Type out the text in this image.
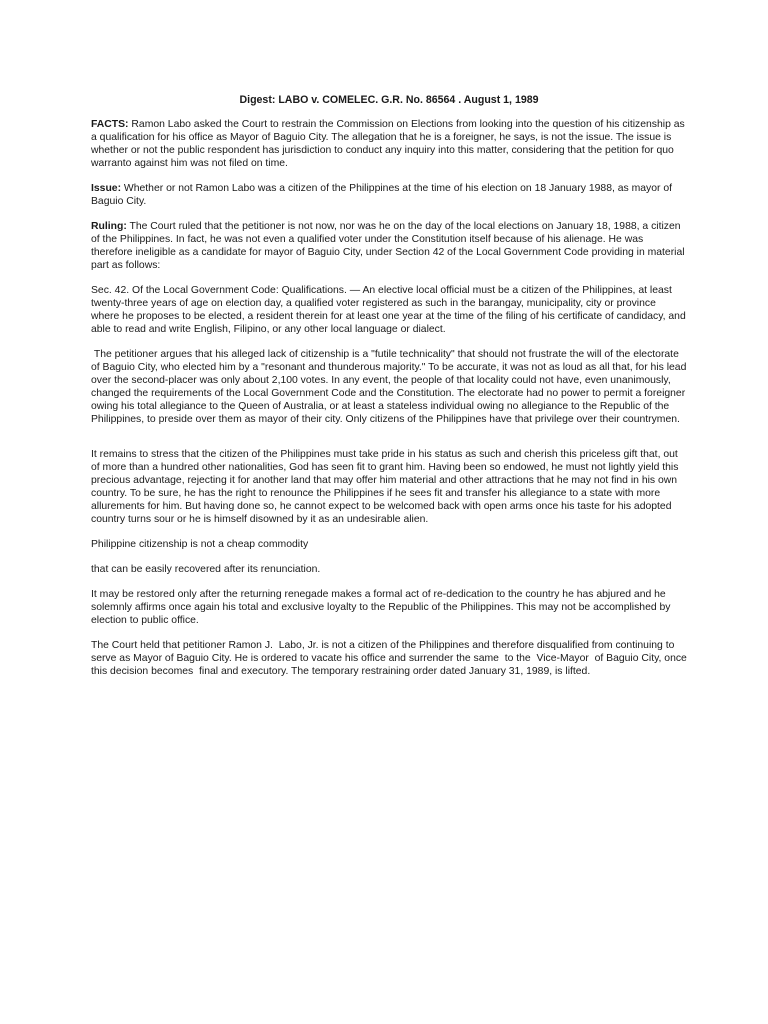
Digest: LABO v. COMELEC. G.R. No. 86564 . August 1, 1989

FACTS: Ramon Labo asked the Court to restrain the Commission on Elections from looking into the question of his citizenship as a qualification for his office as Mayor of Baguio City. The allegation that he is a foreigner, he says, is not the issue. The issue is whether or not the public respondent has jurisdiction to conduct any inquiry into this matter, considering that the petition for quo warranto against him was not filed on time.

Issue: Whether or not Ramon Labo was a citizen of the Philippines at the time of his election on 18 January 1988, as mayor of Baguio City.

Ruling: The Court ruled that the petitioner is not now, nor was he on the day of the local elections on January 18, 1988, a citizen of the Philippines. In fact, he was not even a qualified voter under the Constitution itself because of his alienage. He was therefore ineligible as a candidate for mayor of Baguio City, under Section 42 of the Local Government Code providing in material part as follows:

Sec. 42. Of the Local Government Code: Qualifications. — An elective local official must be a citizen of the Philippines, at least twenty-three years of age on election day, a qualified voter registered as such in the barangay, municipality, city or province where he proposes to be elected, a resident therein for at least one year at the time of the filing of his certificate of candidacy, and able to read and write English, Filipino, or any other local language or dialect.

The petitioner argues that his alleged lack of citizenship is a "futile technicality" that should not frustrate the will of the electorate of Baguio City, who elected him by a "resonant and thunderous majority." To be accurate, it was not as loud as all that, for his lead over the second-placer was only about 2,100 votes. In any event, the people of that locality could not have, even unanimously, changed the requirements of the Local Government Code and the Constitution. The electorate had no power to permit a foreigner owing his total allegiance to the Queen of Australia, or at least a stateless individual owing no allegiance to the Republic of the Philippines, to preside over them as mayor of their city. Only citizens of the Philippines have that privilege over their countrymen.

It remains to stress that the citizen of the Philippines must take pride in his status as such and cherish this priceless gift that, out of more than a hundred other nationalities, God has seen fit to grant him. Having been so endowed, he must not lightly yield this precious advantage, rejecting it for another land that may offer him material and other attractions that he may not find in his own country. To be sure, he has the right to renounce the Philippines if he sees fit and transfer his allegiance to a state with more allurements for him. But having done so, he cannot expect to be welcomed back with open arms once his taste for his adopted country turns sour or he is himself disowned by it as an undesirable alien.

Philippine citizenship is not a cheap commodity

that can be easily recovered after its renunciation.

It may be restored only after the returning renegade makes a formal act of re-dedication to the country he has abjured and he solemnly affirms once again his total and exclusive loyalty to the Republic of the Philippines. This may not be accomplished by election to public office.

The Court held that petitioner Ramon J.  Labo, Jr. is not a citizen of the Philippines and therefore disqualified from continuing to serve as Mayor of Baguio City. He is ordered to vacate his office and surrender the same  to the  Vice-Mayor  of Baguio City, once this decision becomes  final and executory. The temporary restraining order dated January 31, 1989, is lifted.
